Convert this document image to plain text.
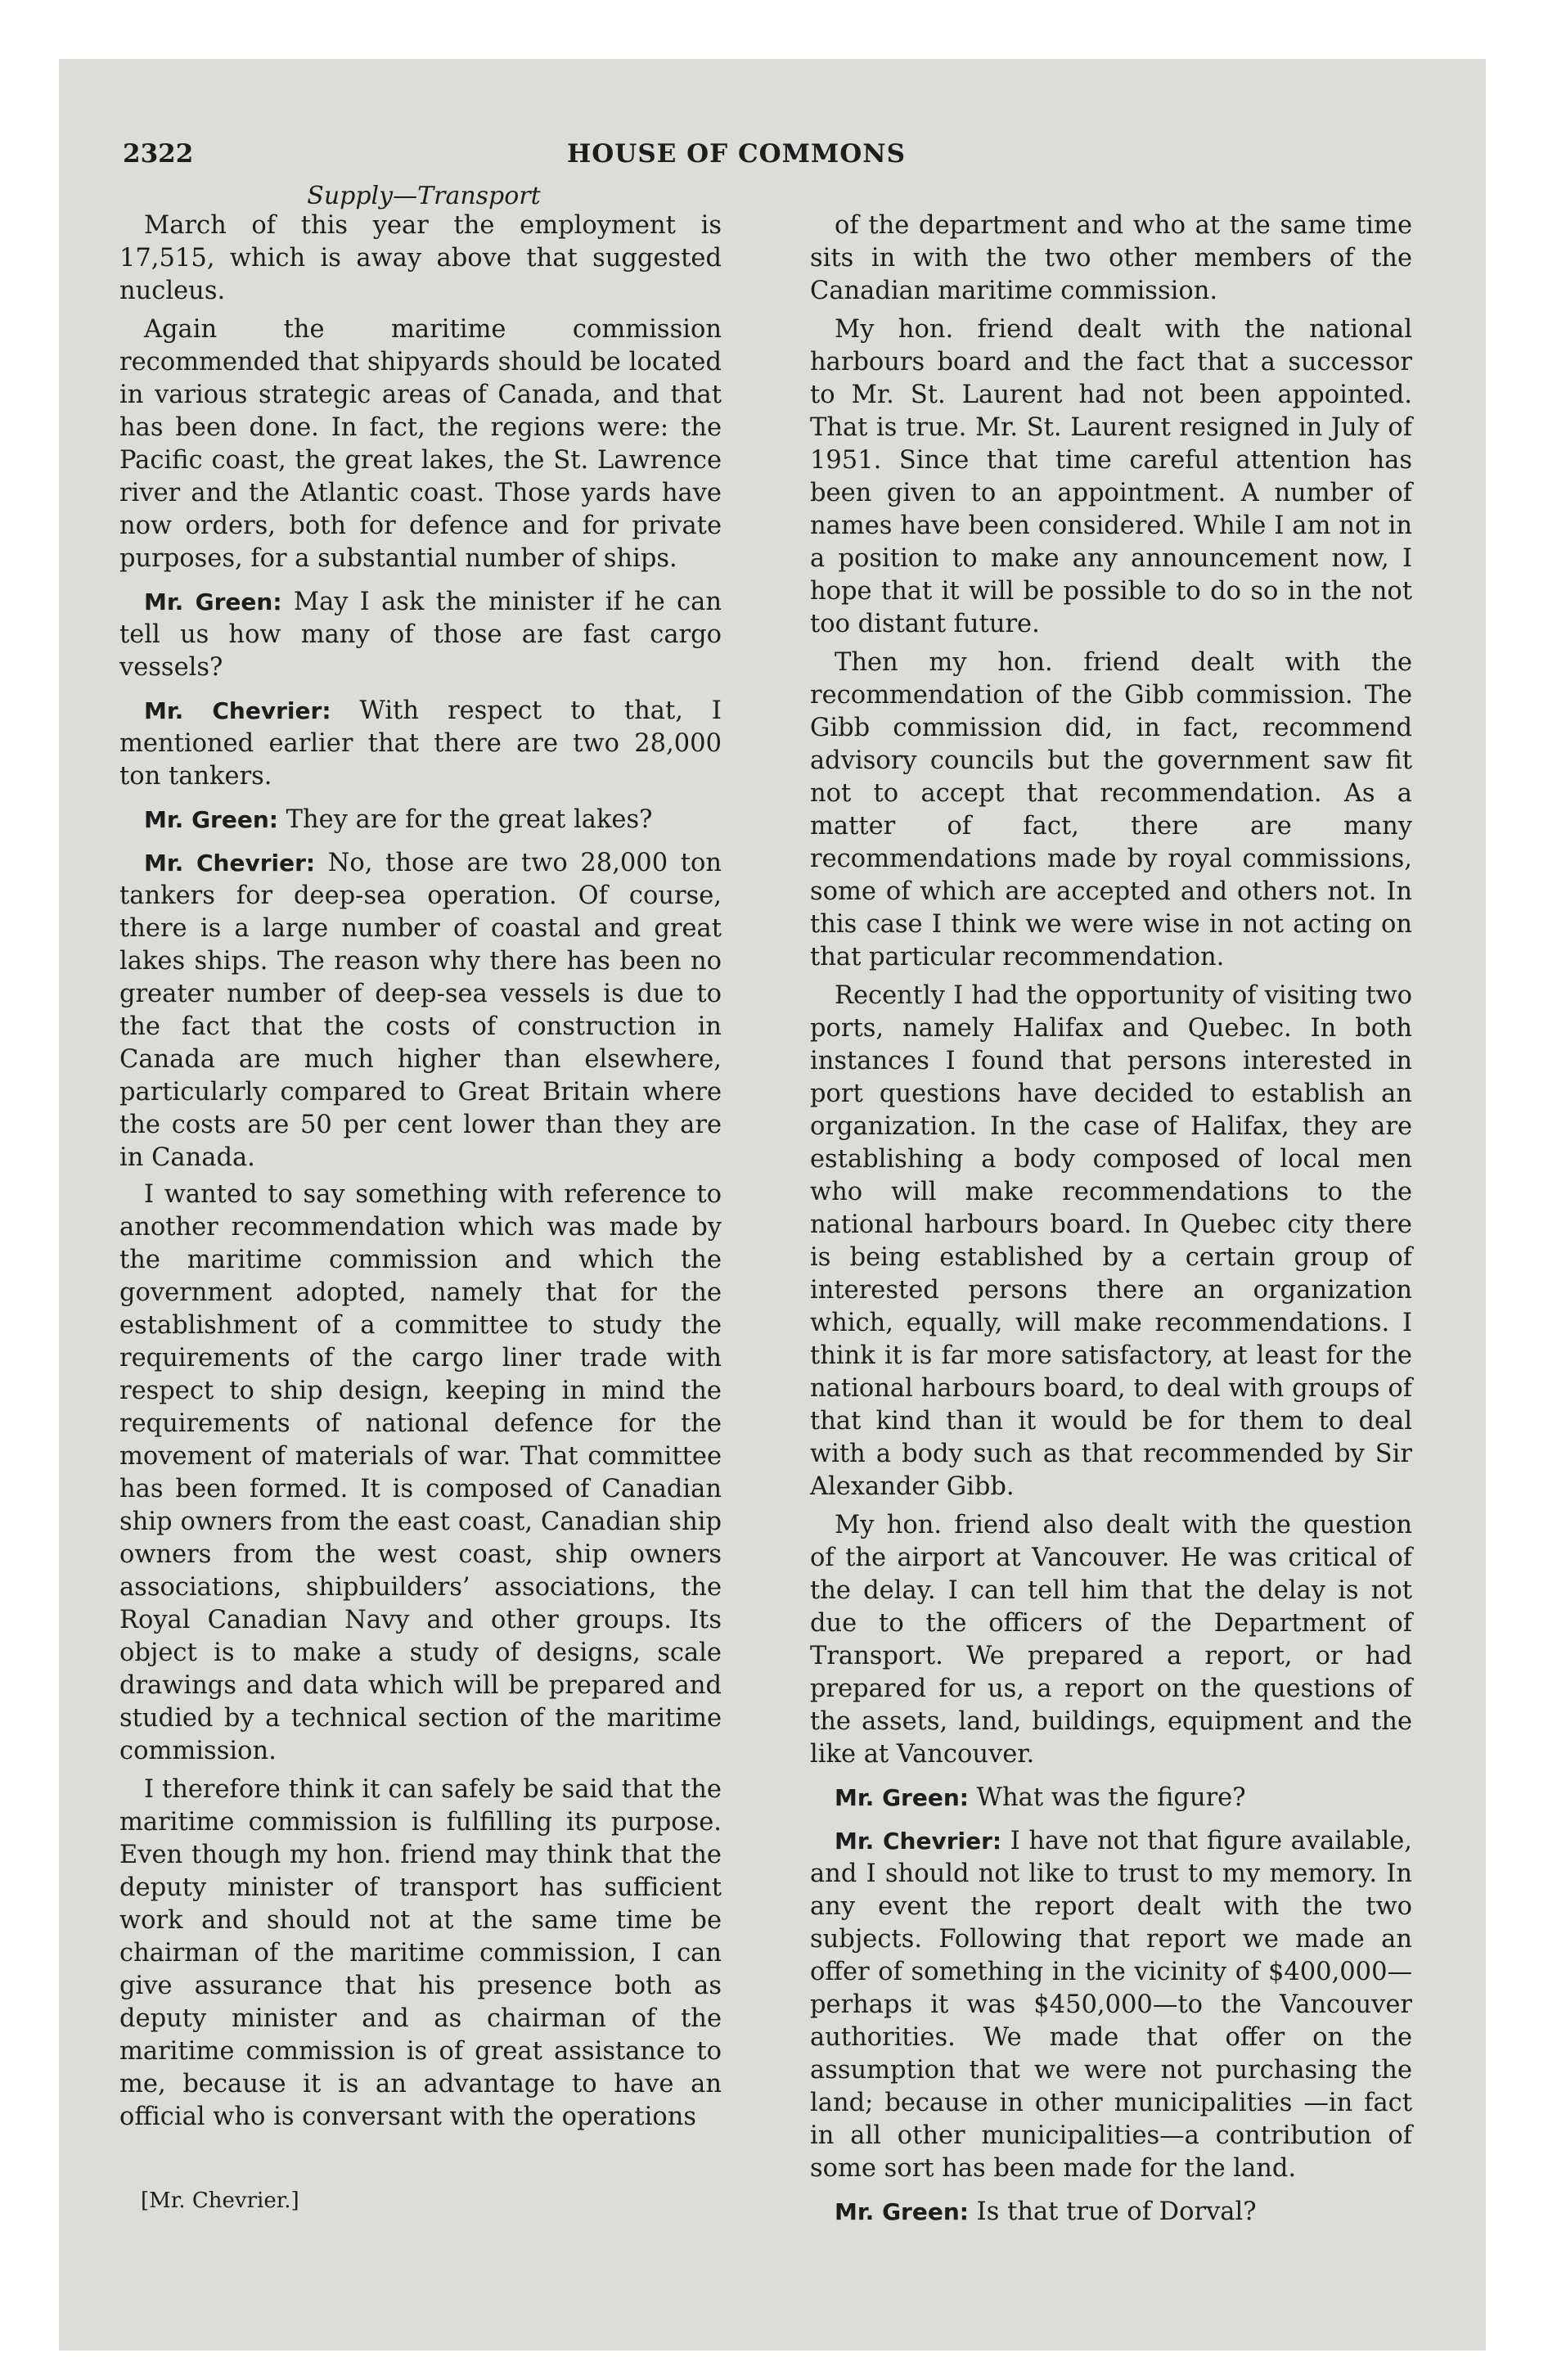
2322	HOUSE OF COMMONS
Supply—Transport

March of this year the employment is 17,515, which is away above that suggested nucleus.

Again the maritime commission recommended that shipyards should be located in various strategic areas of Canada, and that has been done. In fact, the regions were: the Pacific coast, the great lakes, the St. Lawrence river and the Atlantic coast. Those yards have now orders, both for defence and for private purposes, for a substantial number of ships.

Mr. Green: May I ask the minister if he can tell us how many of those are fast cargo vessels?

Mr. Chevrier: With respect to that, I mentioned earlier that there are two 28,000 ton tankers.

Mr. Green: They are for the great lakes?

Mr. Chevrier: No, those are two 28,000 ton tankers for deep-sea operation. Of course, there is a large number of coastal and great lakes ships. The reason why there has been no greater number of deep-sea vessels is due to the fact that the costs of construction in Canada are much higher than elsewhere, particularly compared to Great Britain where the costs are 50 per cent lower than they are in Canada.

I wanted to say something with reference to another recommendation which was made by the maritime commission and which the government adopted, namely that for the establishment of a committee to study the requirements of the cargo liner trade with respect to ship design, keeping in mind the requirements of national defence for the movement of materials of war. That committee has been formed. It is composed of Canadian ship owners from the east coast, Canadian ship owners from the west coast, ship owners associations, shipbuilders’ associations, the Royal Canadian Navy and other groups. Its object is to make a study of designs, scale drawings and data which will be prepared and studied by a technical section of the maritime commission.

I therefore think it can safely be said that the maritime commission is fulfilling its purpose. Even though my hon. friend may think that the deputy minister of transport has sufficient work and should not at the same time be chairman of the maritime commission, I can give assurance that his presence both as deputy minister and as chairman of the maritime commission is of great assistance to me, because it is an advantage to have an official who is conversant with the operations

of the department and who at the same time sits in with the two other members of the Canadian maritime commission.

My hon. friend dealt with the national harbours board and the fact that a successor to Mr. St. Laurent had not been appointed. That is true. Mr. St. Laurent resigned in July of 1951. Since that time careful attention has been given to an appointment. A number of names have been considered. While I am not in a position to make any announcement now, I hope that it will be possible to do so in the not too distant future.

Then my hon. friend dealt with the recommendation of the Gibb commission. The Gibb commission did, in fact, recommend advisory councils but the government saw fit not to accept that recommendation. As a matter of fact, there are many recommendations made by royal commissions, some of which are accepted and others not. In this case I think we were wise in not acting on that particular recommendation.

Recently I had the opportunity of visiting two ports, namely Halifax and Quebec. In both instances I found that persons interested in port questions have decided to establish an organization. In the case of Halifax, they are establishing a body composed of local men who will make recommendations to the national harbours board. In Quebec city there is being established by a certain group of interested persons there an organization which, equally, will make recommendations. I think it is far more satisfactory, at least for the national harbours board, to deal with groups of that kind than it would be for them to deal with a body such as that recommended by Sir Alexander Gibb.

My hon. friend also dealt with the question of the airport at Vancouver. He was critical of the delay. I can tell him that the delay is not due to the officers of the Department of Transport. We prepared a report, or had prepared for us, a report on the questions of the assets, land, buildings, equipment and the like at Vancouver.

Mr. Green: What was the figure?

Mr. Chevrier: I have not that figure available, and I should not like to trust to my memory. In any event the report dealt with the two subjects. Following that report we made an offer of something in the vicinity of $400,000—perhaps it was $450,000—to the Vancouver authorities. We made that offer on the assumption that we were not purchasing the land; because in other municipalities —in fact in all other municipalities—a contribution of some sort has been made for the land.

Mr. Green: Is that true of Dorval?

[Mr. Chevrier.]
